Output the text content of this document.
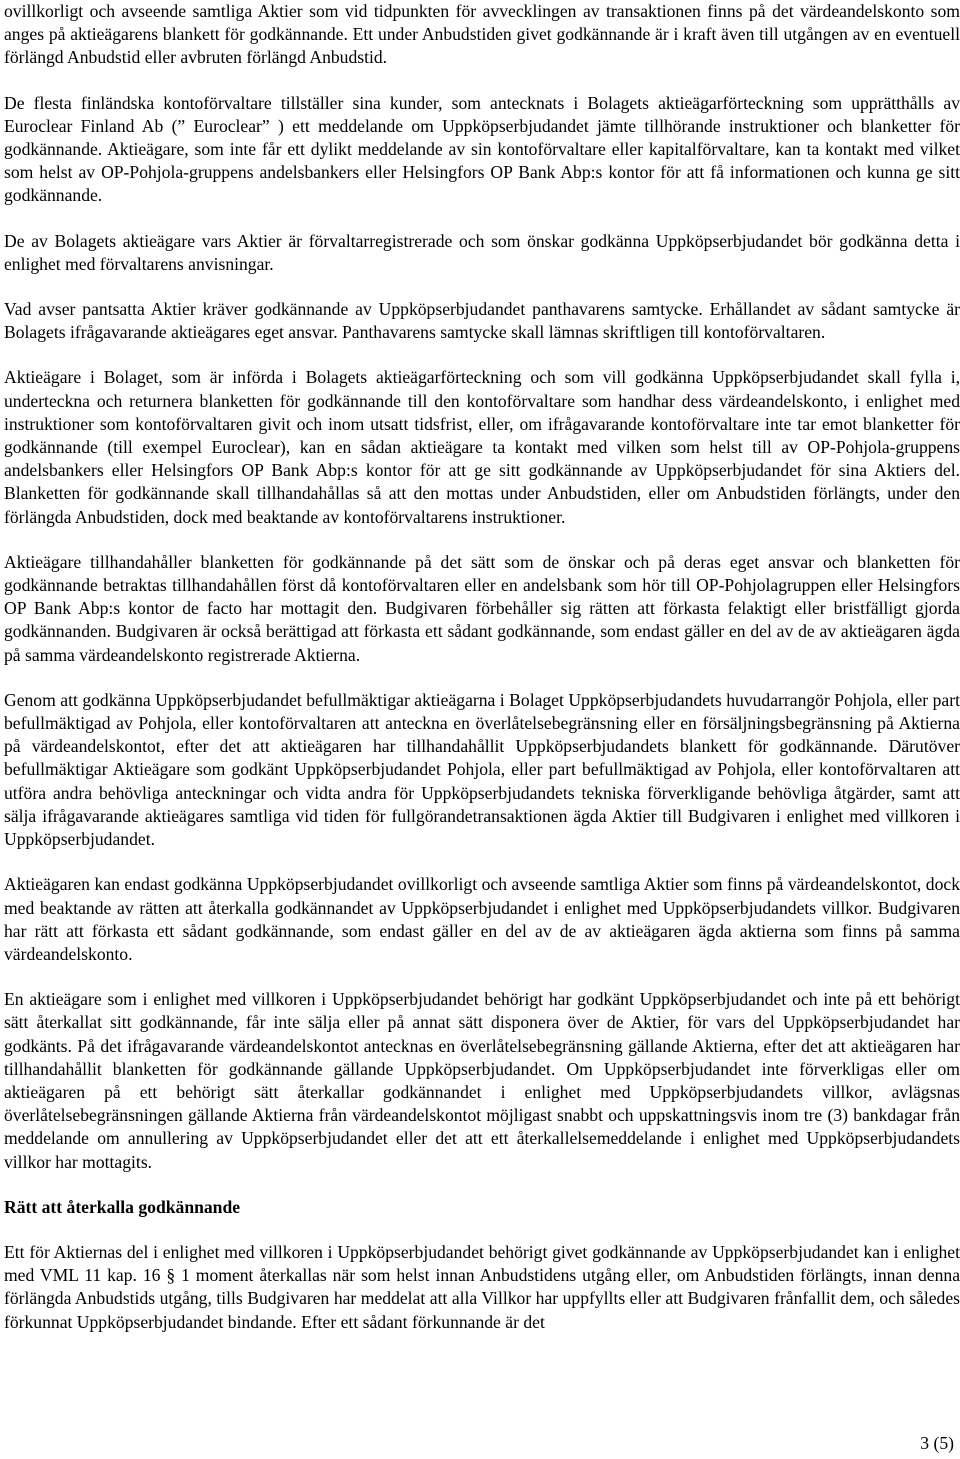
ovillkorligt och avseende samtliga Aktier som vid tidpunkten för avvecklingen av transaktionen finns på det värdeandelskonto som anges på aktieägarens blankett för godkännande. Ett under Anbudstiden givet godkännande är i kraft även till utgången av en eventuell förlängd Anbudstid eller avbruten förlängd Anbudstid.

De flesta finländska kontoförvaltare tillställer sina kunder, som antecknats i Bolagets aktieägarförteckning som upprätthålls av Euroclear Finland Ab (” Euroclear” ) ett meddelande om Uppköpserbjudandet jämte tillhörande instruktioner och blanketter för godkännande. Aktieägare, som inte får ett dylikt meddelande av sin kontoförvaltare eller kapitalförvaltare, kan ta kontakt med vilket som helst av OP-Pohjola-gruppens andelsbankers eller Helsingfors OP Bank Abp:s kontor för att få informationen och kunna ge sitt godkännande.

De av Bolagets aktieägare vars Aktier är förvaltarregistrerade och som önskar godkänna Uppköpserbjudandet bör godkänna detta i enlighet med förvaltarens anvisningar.

Vad avser pantsatta Aktier kräver godkännande av Uppköpserbjudandet panthavarens samtycke. Erhållandet av sådant samtycke är Bolagets ifrågavarande aktieägares eget ansvar. Panthavarens samtycke skall lämnas skriftligen till kontoförvaltaren.

Aktieägare i Bolaget, som är införda i Bolagets aktieägarförteckning och som vill godkänna Uppköpserbjudandet skall fylla i, underteckna och returnera blanketten för godkännande till den kontoförvaltare som handhar dess värdeandelskonto, i enlighet med instruktioner som kontoförvaltaren givit och inom utsatt tidsfrist, eller, om ifrågavarande kontoförvaltare inte tar emot blanketter för godkännande (till exempel Euroclear), kan en sådan aktieägare ta kontakt med vilken som helst till av OP-Pohjola-gruppens andelsbankers eller Helsingfors OP Bank Abp:s kontor för att ge sitt godkännande av Uppköpserbjudandet för sina Aktiers del. Blanketten för godkännande skall tillhandahållas så att den mottas under Anbudstiden, eller om Anbudstiden förlängts, under den förlängda Anbudstiden, dock med beaktande av kontoförvaltarens instruktioner.

Aktieägare tillhandahåller blanketten för godkännande på det sätt som de önskar och på deras eget ansvar och blanketten för godkännande betraktas tillhandahållen först då kontoförvaltaren eller en andelsbank som hör till OP-Pohjolagruppen eller Helsingfors OP Bank Abp:s kontor de facto har mottagit den. Budgivaren förbehåller sig rätten att förkasta felaktigt eller bristfälligt gjorda godkännanden. Budgivaren är också berättigad att förkasta ett sådant godkännande, som endast gäller en del av de av aktieägaren ägda på samma värdeandelskonto registrerade Aktierna.

Genom att godkänna Uppköpserbjudandet befullmäktigar aktieägarna i Bolaget Uppköpserbjudandets huvudarrangör Pohjola, eller part befullmäktigad av Pohjola, eller kontoförvaltaren att anteckna en överlåtelsebegränsning eller en försäljningsbegränsning på Aktierna på värdeandelskontot, efter det att aktieägaren har tillhandahållit Uppköpserbjudandets blankett för godkännande. Därutöver befullmäktigar Aktieägare som godkänt Uppköpserbjudandet Pohjola, eller part befullmäktigad av Pohjola, eller kontoförvaltaren att utföra andra behövliga anteckningar och vidta andra för Uppköpserbjudandets tekniska förverkligande behövliga åtgärder, samt att sälja ifrågavarande aktieägares samtliga vid tiden för fullgörandetransaktionen ägda Aktier till Budgivaren i enlighet med villkoren i Uppköpserbjudandet.

Aktieägaren kan endast godkänna Uppköpserbjudandet ovillkorligt och avseende samtliga Aktier som finns på värdeandelskontot, dock med beaktande av rätten att återkalla godkännandet av Uppköpserbjudandet i enlighet med Uppköpserbjudandets villkor. Budgivaren har rätt att förkasta ett sådant godkännande, som endast gäller en del av de av aktieägaren ägda aktierna som finns på samma värdeandelskonto.

En aktieägare som i enlighet med villkoren i Uppköpserbjudandet behörigt har godkänt Uppköpserbjudandet och inte på ett behörigt sätt återkallat sitt godkännande, får inte sälja eller på annat sätt disponera över de Aktier, för vars del Uppköpserbjudandet har godkänts. På det ifrågavarande värdeandelskontot antecknas en överlåtelsebegränsning gällande Aktierna, efter det att aktieägaren har tillhandahållit blanketten för godkännande gällande Uppköpserbjudandet. Om Uppköpserbjudandet inte förverkligas eller om aktieägaren på ett behörigt sätt återkallar godkännandet i enlighet med Uppköpserbjudandets villkor, avlägsnas överlåtelsebegränsningen gällande Aktierna från värdeandelskontot möjligast snabbt och uppskattningsvis inom tre (3) bankdagar från meddelande om annullering av Uppköpserbjudandet eller det att ett återkallelsemeddelande i enlighet med Uppköpserbjudandets villkor har mottagits.

Rätt att återkalla godkännande

Ett för Aktiernas del i enlighet med villkoren i Uppköpserbjudandet behörigt givet godkännande av Uppköpserbjudandet kan i enlighet med VML 11 kap. 16 § 1 moment återkallas när som helst innan Anbudstidens utgång eller, om Anbudstiden förlängts, innan denna förlängda Anbudstids utgång, tills Budgivaren har meddelat att alla Villkor har uppfyllts eller att Budgivaren frånfallit dem, och således förkunnat Uppköpserbjudandet bindande. Efter ett sådant förkunnande är det

3 (5)
